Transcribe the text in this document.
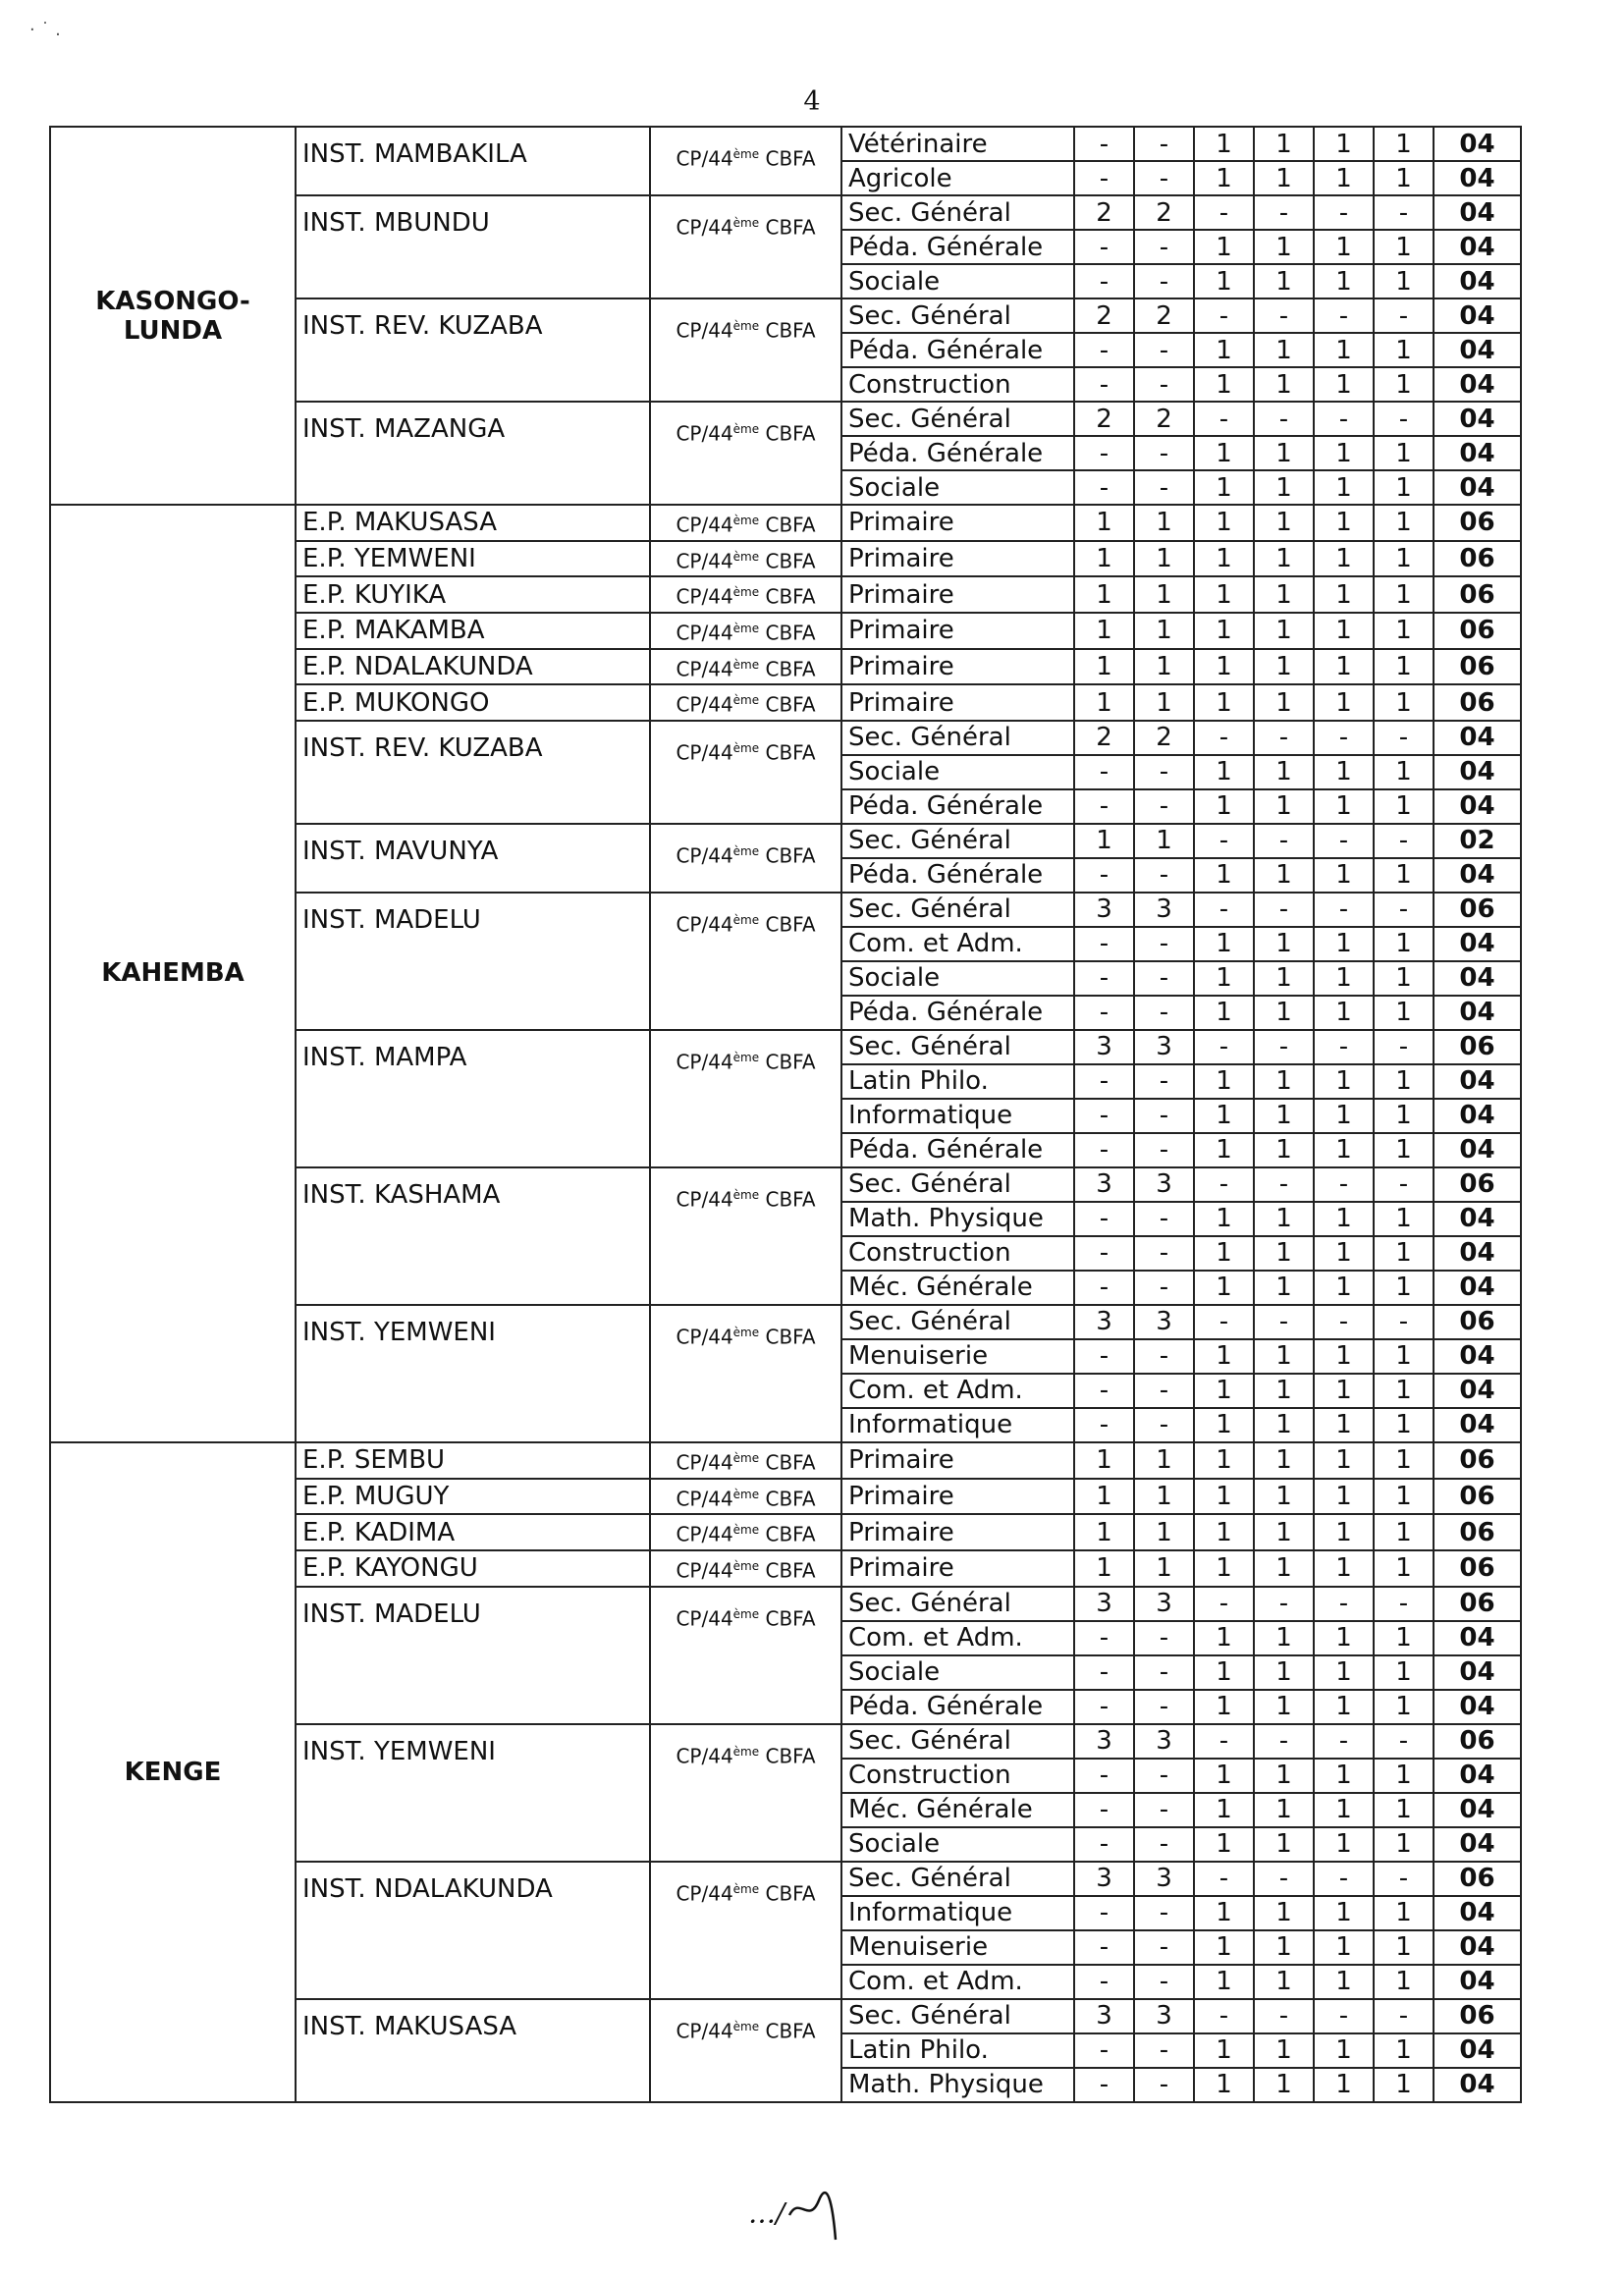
· ˙ .
4
KASONGO-
LUNDA	INST. MAMBAKILA	CP/44ème CBFA	Vétérinaire	-	-	1	1	1	1	04
			Agricole	-	-	1	1	1	1	04
	INST. MBUNDU	CP/44ème CBFA	Sec. Général	2	2	-	-	-	-	04
			Péda. Générale	-	-	1	1	1	1	04
			Sociale	-	-	1	1	1	1	04
	INST. REV. KUZABA	CP/44ème CBFA	Sec. Général	2	2	-	-	-	-	04
			Péda. Générale	-	-	1	1	1	1	04
			Construction	-	-	1	1	1	1	04
	INST. MAZANGA	CP/44ème CBFA	Sec. Général	2	2	-	-	-	-	04
			Péda. Générale	-	-	1	1	1	1	04
			Sociale	-	-	1	1	1	1	04
KAHEMBA	E.P. MAKUSASA	CP/44ème CBFA	Primaire	1	1	1	1	1	1	06
	E.P. YEMWENI	CP/44ème CBFA	Primaire	1	1	1	1	1	1	06
	E.P. KUYIKA	CP/44ème CBFA	Primaire	1	1	1	1	1	1	06
	E.P. MAKAMBA	CP/44ème CBFA	Primaire	1	1	1	1	1	1	06
	E.P. NDALAKUNDA	CP/44ème CBFA	Primaire	1	1	1	1	1	1	06
	E.P. MUKONGO	CP/44ème CBFA	Primaire	1	1	1	1	1	1	06
	INST. REV. KUZABA	CP/44ème CBFA	Sec. Général	2	2	-	-	-	-	04
			Sociale	-	-	1	1	1	1	04
			Péda. Générale	-	-	1	1	1	1	04
	INST. MAVUNYA	CP/44ème CBFA	Sec. Général	1	1	-	-	-	-	02
			Péda. Générale	-	-	1	1	1	1	04
	INST. MADELU	CP/44ème CBFA	Sec. Général	3	3	-	-	-	-	06
			Com. et Adm.	-	-	1	1	1	1	04
			Sociale	-	-	1	1	1	1	04
			Péda. Générale	-	-	1	1	1	1	04
	INST. MAMPA	CP/44ème CBFA	Sec. Général	3	3	-	-	-	-	06
			Latin Philo.	-	-	1	1	1	1	04
			Informatique	-	-	1	1	1	1	04
			Péda. Générale	-	-	1	1	1	1	04
	INST. KASHAMA	CP/44ème CBFA	Sec. Général	3	3	-	-	-	-	06
			Math. Physique	-	-	1	1	1	1	04
			Construction	-	-	1	1	1	1	04
			Méc. Générale	-	-	1	1	1	1	04
	INST. YEMWENI	CP/44ème CBFA	Sec. Général	3	3	-	-	-	-	06
			Menuiserie	-	-	1	1	1	1	04
			Com. et Adm.	-	-	1	1	1	1	04
			Informatique	-	-	1	1	1	1	04
KENGE	E.P. SEMBU	CP/44ème CBFA	Primaire	1	1	1	1	1	1	06
	E.P. MUGUY	CP/44ème CBFA	Primaire	1	1	1	1	1	1	06
	E.P. KADIMA	CP/44ème CBFA	Primaire	1	1	1	1	1	1	06
	E.P. KAYONGU	CP/44ème CBFA	Primaire	1	1	1	1	1	1	06
	INST. MADELU	CP/44ème CBFA	Sec. Général	3	3	-	-	-	-	06
			Com. et Adm.	-	-	1	1	1	1	04
			Sociale	-	-	1	1	1	1	04
			Péda. Générale	-	-	1	1	1	1	04
	INST. YEMWENI	CP/44ème CBFA	Sec. Général	3	3	-	-	-	-	06
			Construction	-	-	1	1	1	1	04
			Méc. Générale	-	-	1	1	1	1	04
			Sociale	-	-	1	1	1	1	04
	INST. NDALAKUNDA	CP/44ème CBFA	Sec. Général	3	3	-	-	-	-	06
			Informatique	-	-	1	1	1	1	04
			Menuiserie	-	-	1	1	1	1	04
			Com. et Adm.	-	-	1	1	1	1	04
	INST. MAKUSASA	CP/44ème CBFA	Sec. Général	3	3	-	-	-	-	06
			Latin Philo.	-	-	1	1	1	1	04
			Math. Physique	-	-	1	1	1	1	04
…/
